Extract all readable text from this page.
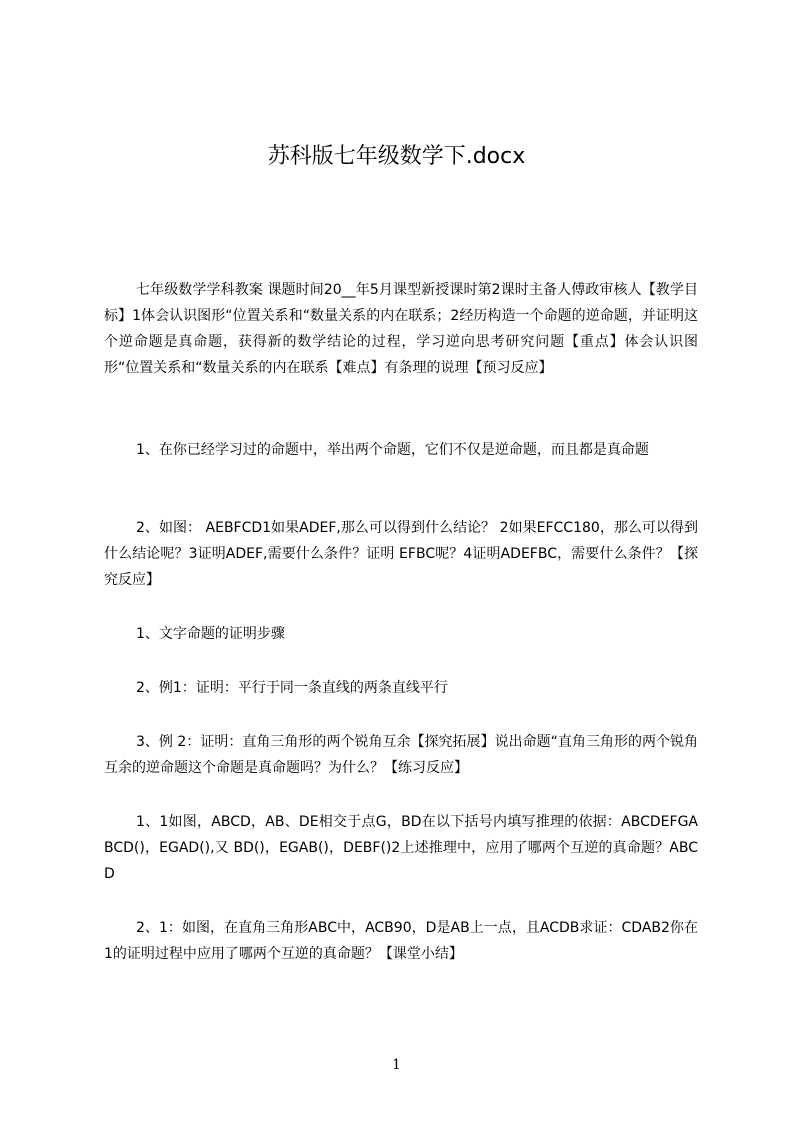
苏科版七年级数学下.docx

七年级数学学科教案 课题时间20__年5月课型新授课时第2课时主备人傅政审核人【教学目标】1体会认识图形“位置关系和“数量关系的内在联系；2经历构造一个命题的逆命题，并证明这个逆命题是真命题，获得新的数学结论的过程，学习逆向思考研究问题【重点】体会认识图形“位置关系和“数量关系的内在联系【难点】有条理的说理【预习反应】

1、在你已经学习过的命题中，举出两个命题，它们不仅是逆命题，而且都是真命题

2、如图： AEBFCD1如果ADEF,那么可以得到什么结论？ 2如果EFCC180，那么可以得到什么结论呢？3证明ADEF,需要什么条件？证明 EFBC呢？4证明ADEFBC，需要什么条件？【探究反应】

1、文字命题的证明步骤

2、例1：证明：平行于同一条直线的两条直线平行

3、例 2：证明：直角三角形的两个锐角互余【探究拓展】说出命题“直角三角形的两个锐角互余的逆命题这个命题是真命题吗？为什么？【练习反应】

1、1如图，ABCD，AB、DE相交于点G，BD在以下括号内填写推理的依据：ABCDEFGABCD()，EGAD(),又 BD()，EGAB()，DEBF()2上述推理中，应用了哪两个互逆的真命题？ABCD

2、1：如图，在直角三角形ABC中，ACB90，D是AB上一点，且ACDB求证：CDAB2你在1的证明过程中应用了哪两个互逆的真命题？【课堂小结】

1
